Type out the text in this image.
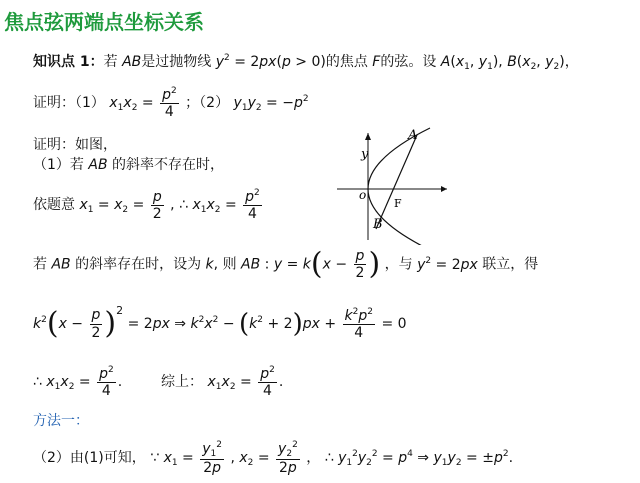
焦点弦两端点坐标关系
知识点 1：若 AB是过抛物线 $y^2 = 2px(p > 0)$的焦点 F的弦。设 $A(x_1$, $y_1$), $B(x_2$, $y_2$)，
证明：（1） $x_1x_2 = \frac{p^2}{4}$ ；（2） $y_1y_2 = -p^2$
证明：如图，
（1）若 AB 的斜率不存在时，
依题意 $x_1 = x_2 = \frac{p}{2}$ , ∴ $x_1x_2 = \frac{p^2}{4}$
A
B
F
o
y
若 AB 的斜率存在时，设为 k, 则 AB : $y = k(x - \frac{p}{2}$ ) ，与 $y^2 = 2px$ 联立，得
$k^2(x - \frac{p}{2} )^2 = 2px$ ⇒ $k^2x^2 - (k^2 + 2)px + \frac{k^2p^2}{4} = 0$
∴ $x_1x_2 = \frac{p^2}{4}$ .	综上： $x_1x_2 = \frac{p^2}{4}$ .
方法一：
（2）由(1)可知， ∵ $x_1 = \frac{y_1^2}{2p}$ , $x_2 = \frac{y_2^2}{2p}$ ， ∴ $y_1^2y_2^2 = p^4$ ⇒ $y_1y_2 = \pm p^2$.
